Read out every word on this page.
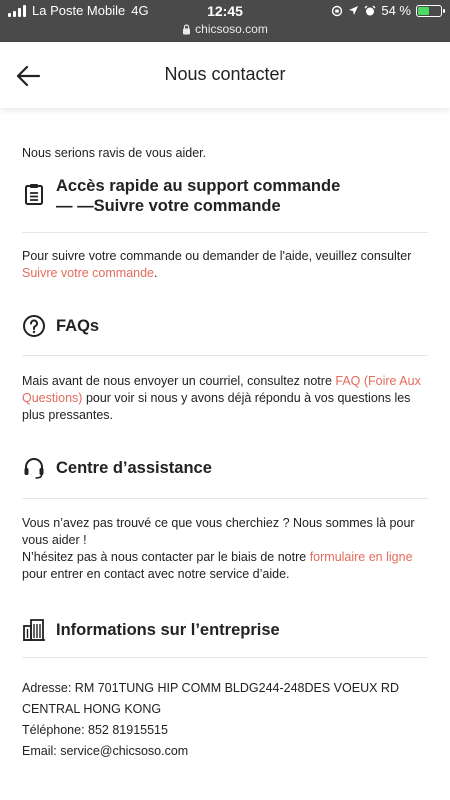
La Poste Mobile 4G	12:45	54 %
chicsoso.com
Nous contacter
Nous serions ravis de vous aider.
Accès rapide au support commande
— —Suivre votre commande
Pour suivre votre commande ou demander de l'aide, veuillez consulter Suivre votre commande.
FAQs
Mais avant de nous envoyer un courriel, consultez notre FAQ (Foire Aux Questions) pour voir si nous y avons déjà répondu à vos questions les plus pressantes.
Centre d’assistance
Vous n’avez pas trouvé ce que vous cherchiez ? Nous sommes là pour vous aider !
N’hésitez pas à nous contacter par le biais de notre formulaire en ligne pour entrer en contact avec notre service d’aide.
Informations sur l’entreprise
Adresse: RM 701TUNG HIP COMM BLDG244-248DES VOEUX RD CENTRAL HONG KONG
Téléphone: 852 81915515
Email: service@chicsoso.com
